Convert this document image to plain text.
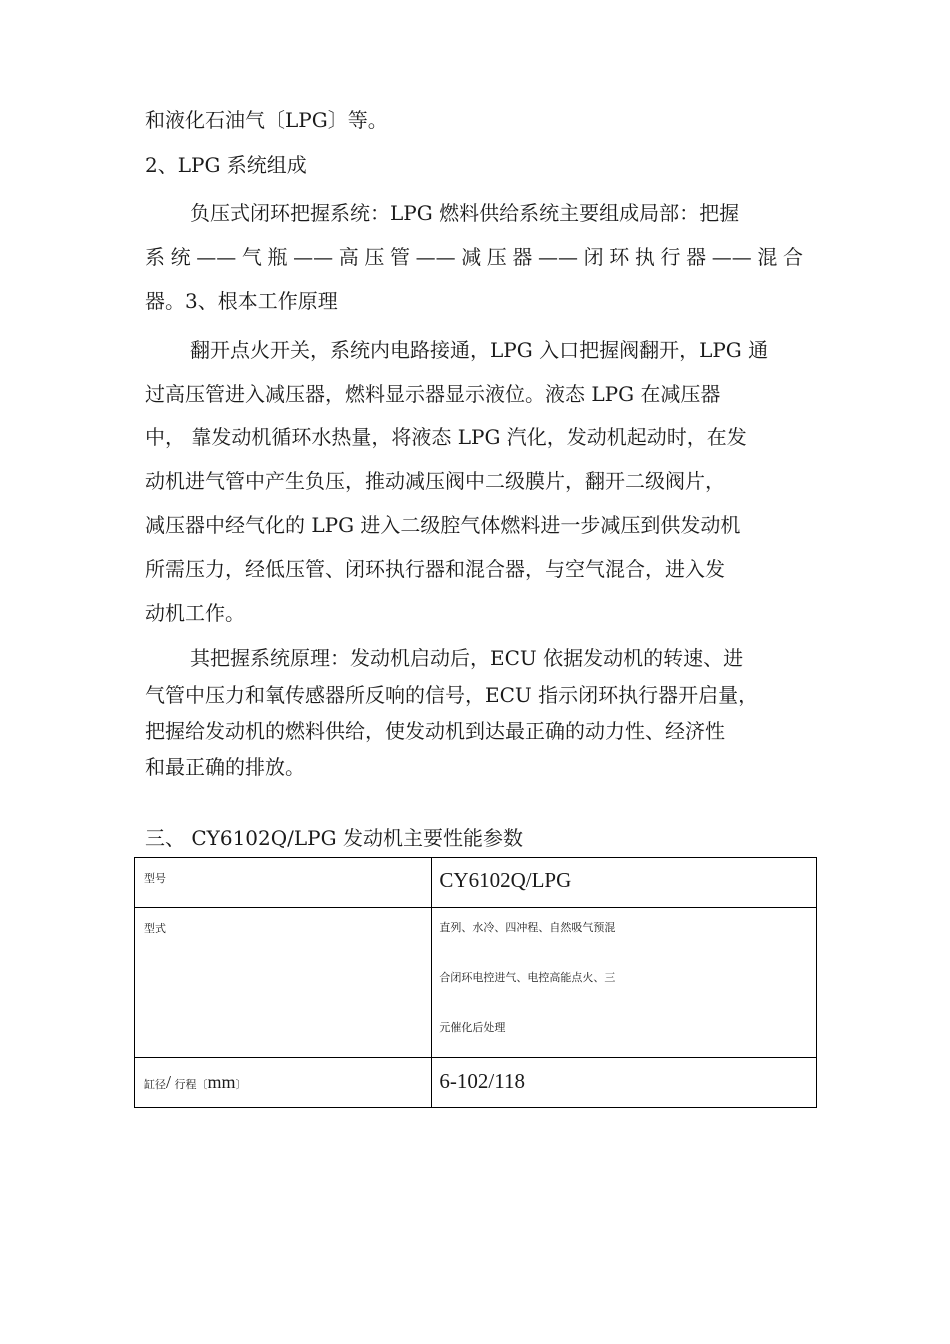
和液化石油气〔LPG〕等。
2、LPG 系统组成
负压式闭环把握系统：LPG 燃料供给系统主要组成局部：把握
系统——气瓶——高压管——减压器——闭环执行器——混合
器。3、根本工作原理
翻开点火开关，系统内电路接通，LPG 入口把握阀翻开，LPG 通
过高压管进入减压器，燃料显示器显示液位。液态 LPG 在减压器
中， 靠发动机循环水热量，将液态 LPG 汽化，发动机起动时，在发
动机进气管中产生负压，推动减压阀中二级膜片，翻开二级阀片，
减压器中经气化的 LPG 进入二级腔气体燃料进一步减压到供发动机
所需压力，经低压管、闭环执行器和混合器，与空气混合，进入发
动机工作。
其把握系统原理：发动机启动后，ECU 依据发动机的转速、进
气管中压力和氧传感器所反响的信号，ECU 指示闭环执行器开启量，
把握给发动机的燃料供给，使发动机到达最正确的动力性、经济性
和最正确的排放。
三、 CY6102Q/LPG 发动机主要性能参数
型号	CY6102Q/LPG

型式	直列、水冷、四冲程、自然吸气预混
合闭环电控进气、电控高能点火、三
元催化后处理

缸径/ 行程〔mm〕	6-102/118
